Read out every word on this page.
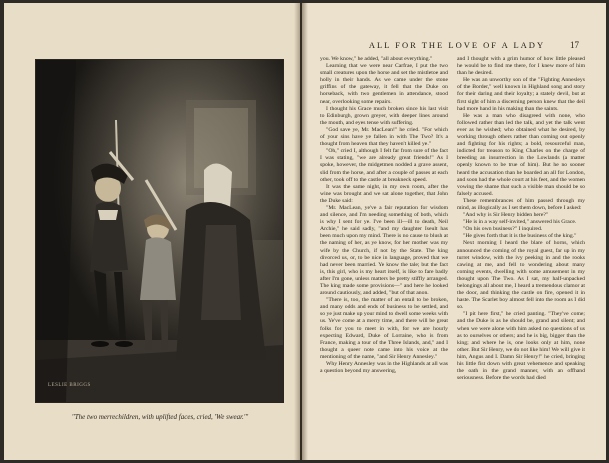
LESLIE BRIGGS
"The two merrechildren, with uplifted faces, cried, 'We swear.'"
ALL FOR THE LOVE OF A LADY	17

you. We know," he added, "all about everything."

Learning that we were near Carfrae, I put the two small creatures upon the horse and set the mistletoe and holly in their hands. As we came under the stone griffins of the gateway, it fell that the Duke on horseback, with two gentlemen in attendance, stood near, overlooking some repairs.

I thought his Grace much broken since his last visit to Edinburgh, grown greyer, with deeper lines around the mouth, and eyes tense with suffering.

"God save ye, Mr. MacLean!" he cried. "For which of your sins have ye fallen in with The Two? It's a thought from heaven that they haven't killed ye."

"Oh," cried I, although I felt far from sure of the fact I was stating, "we are already great friends!" As I spoke, however, the midgetmen nodded a grave assent, slid from the horse, and after a couple of passes at each other, took off to the castle at breakneck speed.

It was the same night, in my own room, after the wine was brought and we sat alone together, that John the Duke said:

"Mr. MacLean, ye've a fair reputation for wisdom and silence, and I'm needing something of both, which is why I sent for ye. I've been ill—ill to death, Neil Archie," he said sadly, "and my daughter Iseult has been much upon my mind. There is no cause to blush at the naming of her, as ye know, for her mother was my wife by the Church, if not by the State. The king divorced us, or, to be nice in language, proved that we had never been married. Ye know the tale; but the fact is, this girl, who is my heart itself, is like to fare badly after I'm gone, unless matters be pretty stiffly arranged. The king made some provisions—" and here he looked around cautiously, and added, "but of that anon.

"There is, too, the matter of an entail to be broken, and many odds and ends of business to be settled, and so ye just make up your mind to dwell some weeks with us. Ye've come at a merry time, and there will be great folks for you to meet in with, for we are hourly expecting Edward, Duke of Lorraine, who is from France, making a tour of the Three Islands, and," and I thought a queer note came into his voice at the mentioning of the name, "and Sir Henry Annesley."

Why Henry Annesley was in the Highlands at all was a question beyond my answering,

and I thought with a grim humor of how little pleased he would be to find me there, for I knew more of him than he desired.

He was an unworthy son of the "Fighting Annesleys of the Border," well known in Highland song and story for their daring and their loyalty; a stately devil, but at first sight of him a discerning person knew that the deil had more hand in his making than the saints.

He was a man who disagreed with none, who followed rather than led the talk, and yet the talk went ever as he wished; who obtained what he desired, by working through others rather than coming out openly and fighting for his rights; a bold, resourceful man, indicted for treason to King Charles on the charge of breeding an insurrection in the Lowlands (a matter openly known to be true of him). But he no sooner heard the accusation than he boarded an all for London, and soon had the whole court at his feet, and the women vowing the shame that such a visible man should be so falsely accused.

These remembrances of him passed through my mind, as illogically as I set them down, before I asked:

"And why is Sir Henry bidden here?"

"He is in a way self-invited," answered his Grace.

"On his own business?" I inquired.

"He gives forth that it is the business of the king."

Next morning I heard the blare of horns, which announced the coming of the royal guest, far up in my turret window, with the ivy peeking in and the rooks cawing at me, and fell to wondering about many coming events, dwelling with some amusement in my thought upon The Two. As I sat, my half-unpacked belongings all about me, I heard a tremendous clamor at the door, and thinking the castle on fire, opened it in haste. The Scarlet boy almost fell into the room as I did so.

"I pit here first," he cried panting. "They've come; and the Duke is as he should be, grand and silent; and when we were alone with him asked no questions of us as to ourselves or others; and he is big, bigger than the king; and where he is, one looks only at him, none other. But Sir Henry, we do not like him! We will give it him, Angus and I. Damn Sir Henry!" he cried, bringing his little fist down with great vehemence and speaking the oath in the grand manner, with an offhand seriousness. Before the words had died
